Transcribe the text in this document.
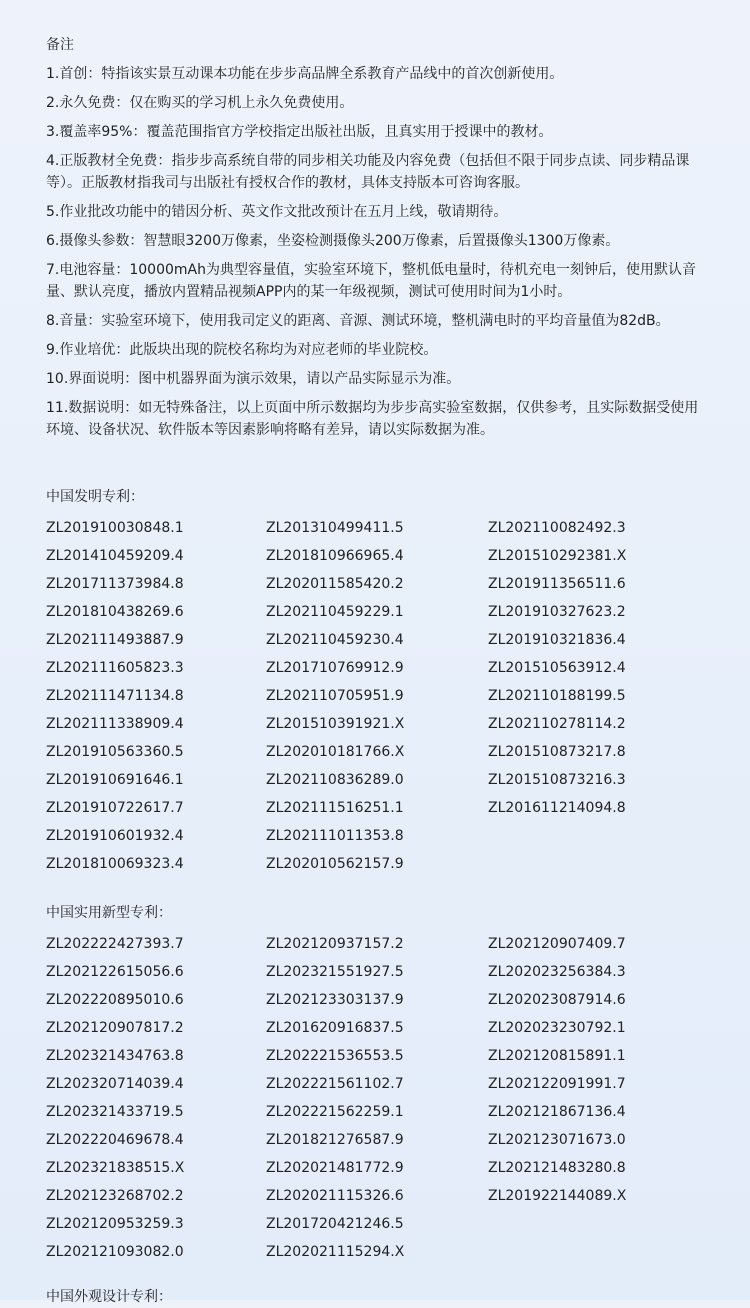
备注
1.首创：特指该实景互动课本功能在步步高品牌全系教育产品线中的首次创新使用。
2.永久免费：仅在购买的学习机上永久免费使用。
3.覆盖率95%：覆盖范围指官方学校指定出版社出版，且真实用于授课中的教材。
4.正版教材全免费：指步步高系统自带的同步相关功能及内容免费（包括但不限于同步点读、同步精品课等）。正版教材指我司与出版社有授权合作的教材，具体支持版本可咨询客服。
5.作业批改功能中的错因分析、英文作文批改预计在五月上线，敬请期待。
6.摄像头参数：智慧眼3200万像素，坐姿检测摄像头200万像素，后置摄像头1300万像素。
7.电池容量：10000mAh为典型容量值，实验室环境下，整机低电量时，待机充电一刻钟后，使用默认音量、默认亮度，播放内置精品视频APP内的某一年级视频，测试可使用时间为1小时。
8.音量：实验室环境下，使用我司定义的距离、音源、测试环境，整机满电时的平均音量值为82dB。
9.作业培优：此版块出现的院校名称均为对应老师的毕业院校。
10.界面说明：图中机器界面为演示效果，请以产品实际显示为准。
11.数据说明：如无特殊备注，以上页面中所示数据均为步步高实验室数据，仅供参考，且实际数据受使用环境、设备状况、软件版本等因素影响将略有差异，请以实际数据为准。
中国发明专利：
ZL201910030848.1	ZL201310499411.5	ZL202110082492.3
ZL201410459209.4	ZL201810966965.4	ZL201510292381.X
ZL201711373984.8	ZL202011585420.2	ZL201911356511.6
ZL201810438269.6	ZL202110459229.1	ZL201910327623.2
ZL202111493887.9	ZL202110459230.4	ZL201910321836.4
ZL202111605823.3	ZL201710769912.9	ZL201510563912.4
ZL202111471134.8	ZL202110705951.9	ZL202110188199.5
ZL202111338909.4	ZL201510391921.X	ZL202110278114.2
ZL201910563360.5	ZL202010181766.X	ZL201510873217.8
ZL201910691646.1	ZL202110836289.0	ZL201510873216.3
ZL201910722617.7	ZL202111516251.1	ZL201611214094.8
ZL201910601932.4	ZL202111011353.8
ZL201810069323.4	ZL202010562157.9
中国实用新型专利：
ZL202222427393.7	ZL202120937157.2	ZL202120907409.7
ZL202122615056.6	ZL202321551927.5	ZL202023256384.3
ZL202220895010.6	ZL202123303137.9	ZL202023087914.6
ZL202120907817.2	ZL201620916837.5	ZL202023230792.1
ZL202321434763.8	ZL202221536553.5	ZL202120815891.1
ZL202320714039.4	ZL202221561102.7	ZL202122091991.7
ZL202321433719.5	ZL202221562259.1	ZL202121867136.4
ZL202220469678.4	ZL201821276587.9	ZL202123071673.0
ZL202321838515.X	ZL202021481772.9	ZL202121483280.8
ZL202123268702.2	ZL202021115326.6	ZL201922144089.X
ZL202120953259.3	ZL201720421246.5
ZL202121093082.0	ZL202021115294.X
中国外观设计专利：
